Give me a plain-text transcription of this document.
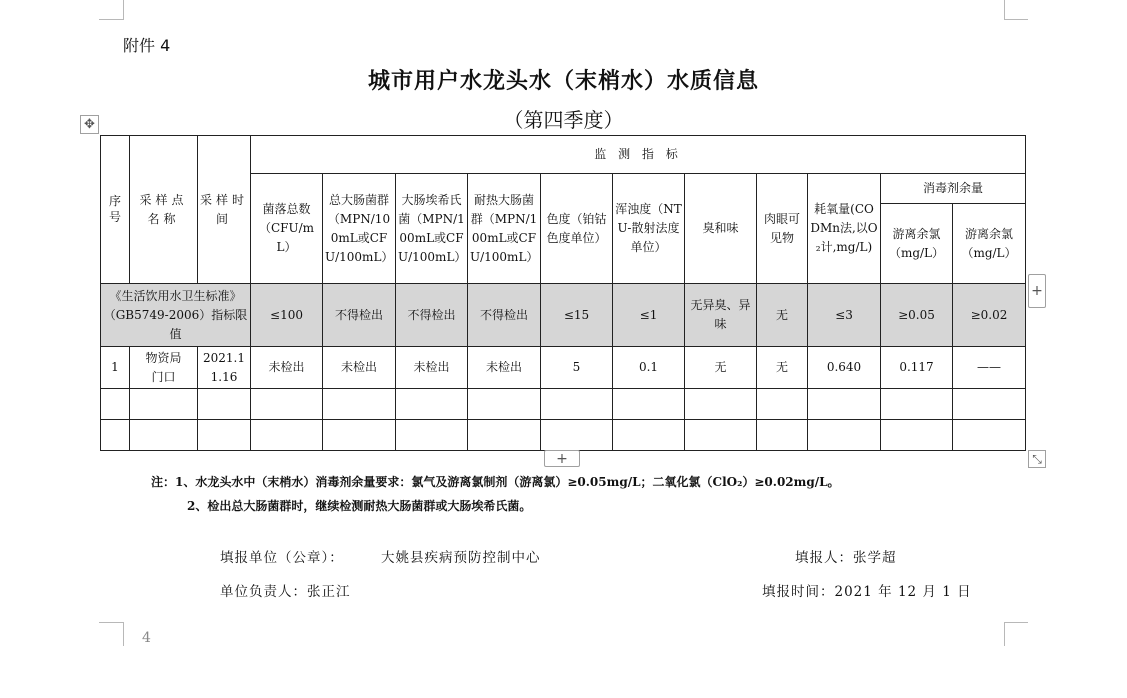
附件 4
城市用户水龙头水（末梢水）水质信息
（第四季度）
✥
序号	采样点名称	采样时间	监 测 指 标										
			菌落总数（CFU/mL）	总大肠菌群（MPN/100mL或CFU/100mL）	大肠埃希氏菌（MPN/100mL或CFU/100mL）	耐热大肠菌群（MPN/100mL或CFU/100mL）	色度（铂钴色度单位）	浑浊度（NTU-散射法度单位）	臭和味	肉眼可见物	耗氧量(CODMn法,以O₂计,mg/L)	消毒剂余量	
												游离余氯（mg/L）	游离余氯（mg/L）
《生活饮用水卫生标准》（GB5749-2006）指标限值			≤100	不得检出	不得检出	不得检出	≤15	≤1	无异臭、异味	无	≤3	≥0.05	≥0.02
1	物资局门口	2021.11.16	未检出	未检出	未检出	未检出	5	0.1	无	无	0.640	0.117	——

+
+	⤡
注：1、水龙头水中（末梢水）消毒剂余量要求：氯气及游离氯制剂（游离氯）≥0.05mg/L；二氧化氯（ClO₂）≥0.02mg/L。
2、检出总大肠菌群时，继续检测耐热大肠菌群或大肠埃希氏菌。
填报单位（公章）：	大姚县疾病预防控制中心	填报人：张学超
单位负责人：张正江	填报时间：2021 年 12 月 1 日
4
